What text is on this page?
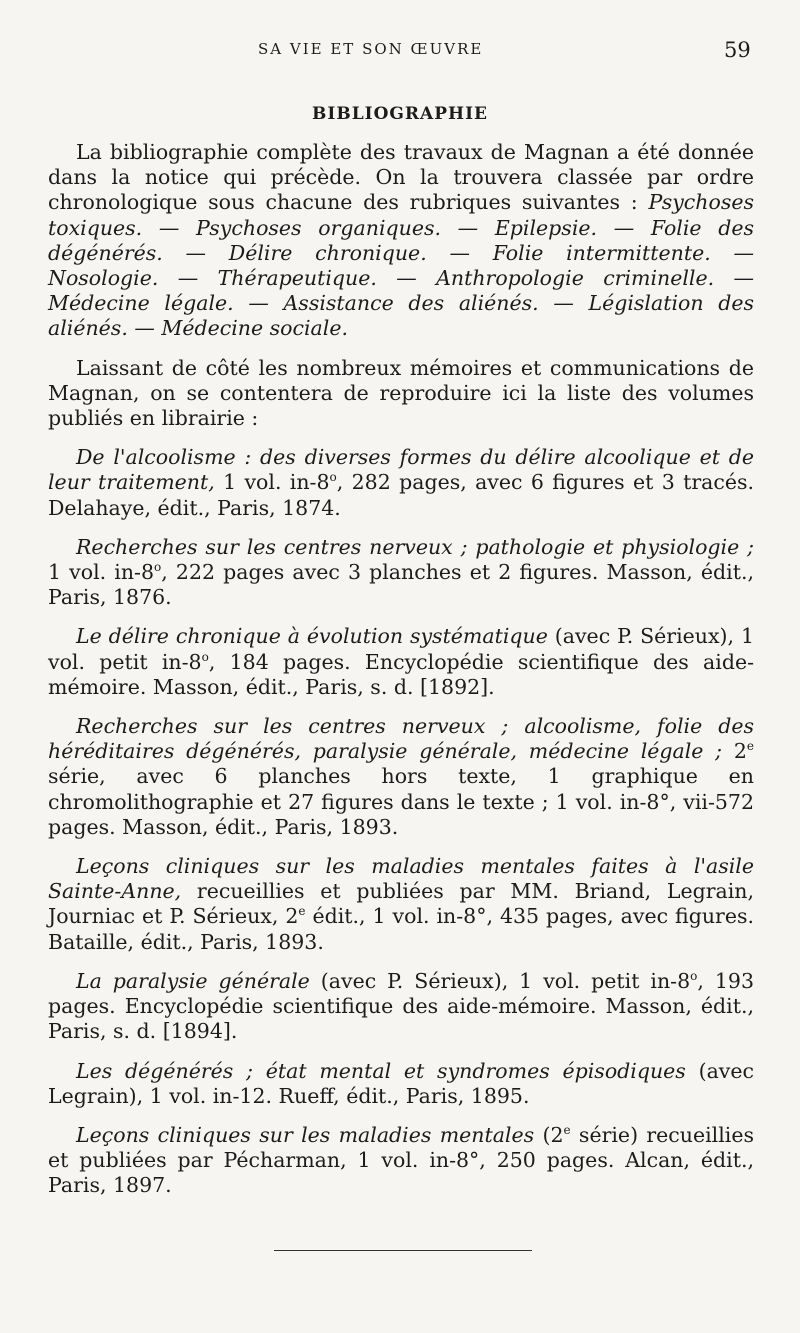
SA VIE ET SON ŒUVRE	59
BIBLIOGRAPHIE

La bibliographie complète des travaux de Magnan a été donnée dans la notice qui précède. On la trouvera classée par ordre chronologique sous chacune des rubriques suivantes : Psychoses toxiques. — Psychoses organiques. — Epilepsie. — Folie des dégénérés. — Délire chronique. — Folie intermittente. — Nosologie. — Thérapeutique. — Anthropologie criminelle. — Médecine légale. — Assistance des aliénés. — Législation des aliénés. — Médecine sociale.

Laissant de côté les nombreux mémoires et communications de Magnan, on se contentera de reproduire ici la liste des volumes publiés en librairie :

De l'alcoolisme : des diverses formes du délire alcoolique et de leur traitement, 1 vol. in-8$^o$, 282 pages, avec 6 figures et 3 tracés. Delahaye, édit., Paris, 1874.

Recherches sur les centres nerveux ; pathologie et physiologie ; 1 vol. in-8$^o$, 222 pages avec 3 planches et 2 figures. Masson, édit., Paris, 1876.

Le délire chronique à évolution systématique (avec P. Sérieux), 1 vol. petit in-8$^o$, 184 pages. Encyclopédie scientifique des aide-mémoire. Masson, édit., Paris, s. d. [1892].

Recherches sur les centres nerveux ; alcoolisme, folie des héréditaires dégénérés, paralysie générale, médecine légale ; 2e série, avec 6 planches hors texte, 1 graphique en chromolithographie et 27 figures dans le texte ; 1 vol. in-8°, vii-572 pages. Masson, édit., Paris, 1893.

Leçons cliniques sur les maladies mentales faites à l'asile Sainte-Anne, recueillies et publiées par MM. Briand, Legrain, Journiac et P. Sérieux, 2e édit., 1 vol. in-8°, 435 pages, avec figures. Bataille, édit., Paris, 1893.

La paralysie générale (avec P. Sérieux), 1 vol. petit in-8$^o$, 193 pages. Encyclopédie scientifique des aide-mémoire. Masson, édit., Paris, s. d. [1894].

Les dégénérés ; état mental et syndromes épisodiques (avec Legrain), 1 vol. in-12. Rueff, édit., Paris, 1895.

Leçons cliniques sur les maladies mentales (2e série) recueillies et publiées par Pécharman, 1 vol. in-8°, 250 pages. Alcan, édit., Paris, 1897.
